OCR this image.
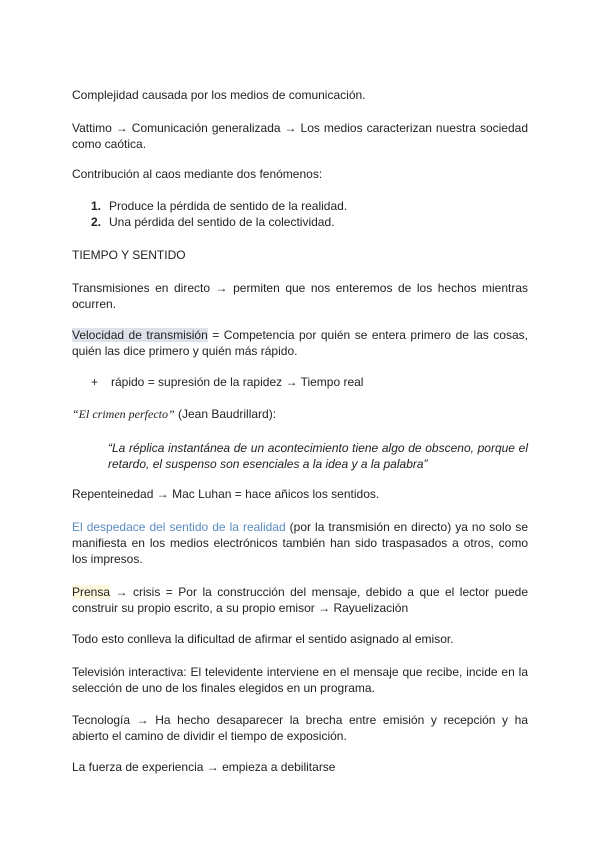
Complejidad causada por los medios de comunicación.
Vattimo → Comunicación generalizada → Los medios caracterizan nuestra sociedad como caótica.
Contribución al caos mediante dos fenómenos:
1. Produce la pérdida de sentido de la realidad.
2. Una pérdida del sentido de la colectividad.
TIEMPO Y SENTIDO
Transmisiones en directo → permiten que nos enteremos de los hechos mientras ocurren.
Velocidad de transmisión = Competencia por quién se entera primero de las cosas, quién las dice primero y quién más rápido.
+ rápido = supresión de la rapidez → Tiempo real
“El crimen perfecto” (Jean Baudrillard):
“La réplica instantánea de un acontecimiento tiene algo de obsceno, porque el retardo, el suspenso son esenciales a la idea y a la palabra”
Repenteinedad → Mac Luhan = hace añicos los sentidos.
El despedace del sentido de la realidad (por la transmisión en directo) ya no solo se manifiesta en los medios electrónicos también han sido traspasados a otros, como los impresos.
Prensa → crisis = Por la construcción del mensaje, debido a que el lector puede construir su propio escrito, a su propio emisor → Rayuelización
Todo esto conlleva la dificultad de afirmar el sentido asignado al emisor.
Televisión interactiva: El televidente interviene en el mensaje que recibe, incide en la selección de uno de los finales elegidos en un programa.
Tecnología → Ha hecho desaparecer la brecha entre emisión y recepción y ha abierto el camino de dividir el tiempo de exposición.
La fuerza de experiencia → empieza a debilitarse
